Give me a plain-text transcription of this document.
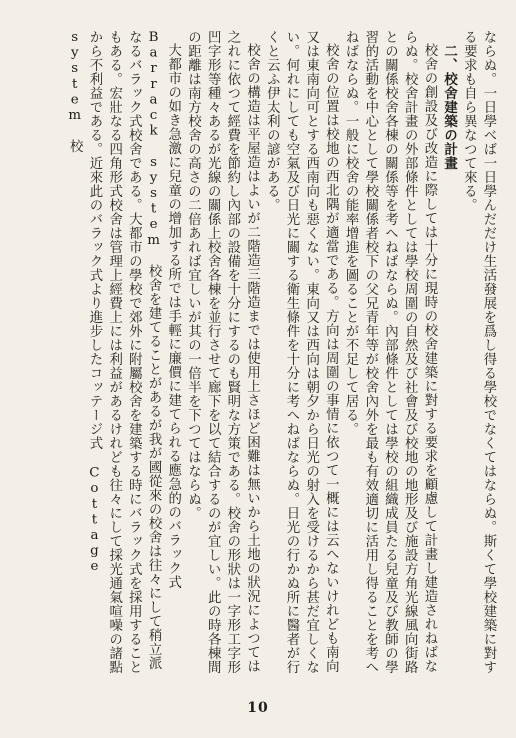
ならぬ。一日學べば一日學んだだけ生活發展を爲し得る學校でなくてはならぬ。斯くて學校建築に對する要求も自ら異なつて來る。

二、校舍建築の計畫

校舍の創設及び改造に際しては十分に現時の校舍建築に對する要求を顧慮して計畫し建造されねばならぬ。校舍計畫の外部條件としては學校周圍の自然及び社會及び校地の地形及び施設方角光線風向街路との關係校舍各棟の關係等を考へねばならぬ。內部條件としては學校の組織成員たる兒童及び教師の學習的活動を中心として學校關係者校下の父兄青年等が校舍內外を最も有效適切に活用し得ることを考へねばならぬ。一般に校舍の能率增進を圖ることが不足して居る。

校舍の位置は校地の西北隅が適當である。方向は周圍の事情に依つて一概には云へないけれども南向又は東南向可とする西南向も惡くない。東向又は西向は朝夕から日光の射入を受けるから甚だ宜しくない。何れにしても空氣及び日光に關する衛生條件を十分に考へねばならぬ。日光の行かぬ所に醫者が行くと云ふ伊太利の諺がある。

校舍の構造は平屋造はよいが二階造三階造までは使用上さほど困難は無いから土地の狀況によつては之れに依つて經費を節約し內部の設備を十分にするのも賢明な方策である。校舍の形狀は一字形工字形凹字形等種々あるが光線の關係上校舍各棟を並行させて廊下を以て結合するのが宜しい。此の時各棟間の距離は南方校舍の高さの二倍あれば宜しいが其の一倍半を下つてはならぬ。

大都市の如き急激に兒童の增加する所では手輕に廉價に建てられる應急的のバラック式 Barrack system 校舍を建てることがあるが我が國從來の校舍は往々にして稍立派なるバラック式校舍である。大都市の學校で郊外に附屬校舍を建築する時にバラック式を採用することもある。宏壯なる四角形式校舍は管理上經費上には利益があるけれども往々にして採光通氣喧噪の諸點から不利益である。近來此のバラック式より進步したコッテージ式 Cottage system 校

10
